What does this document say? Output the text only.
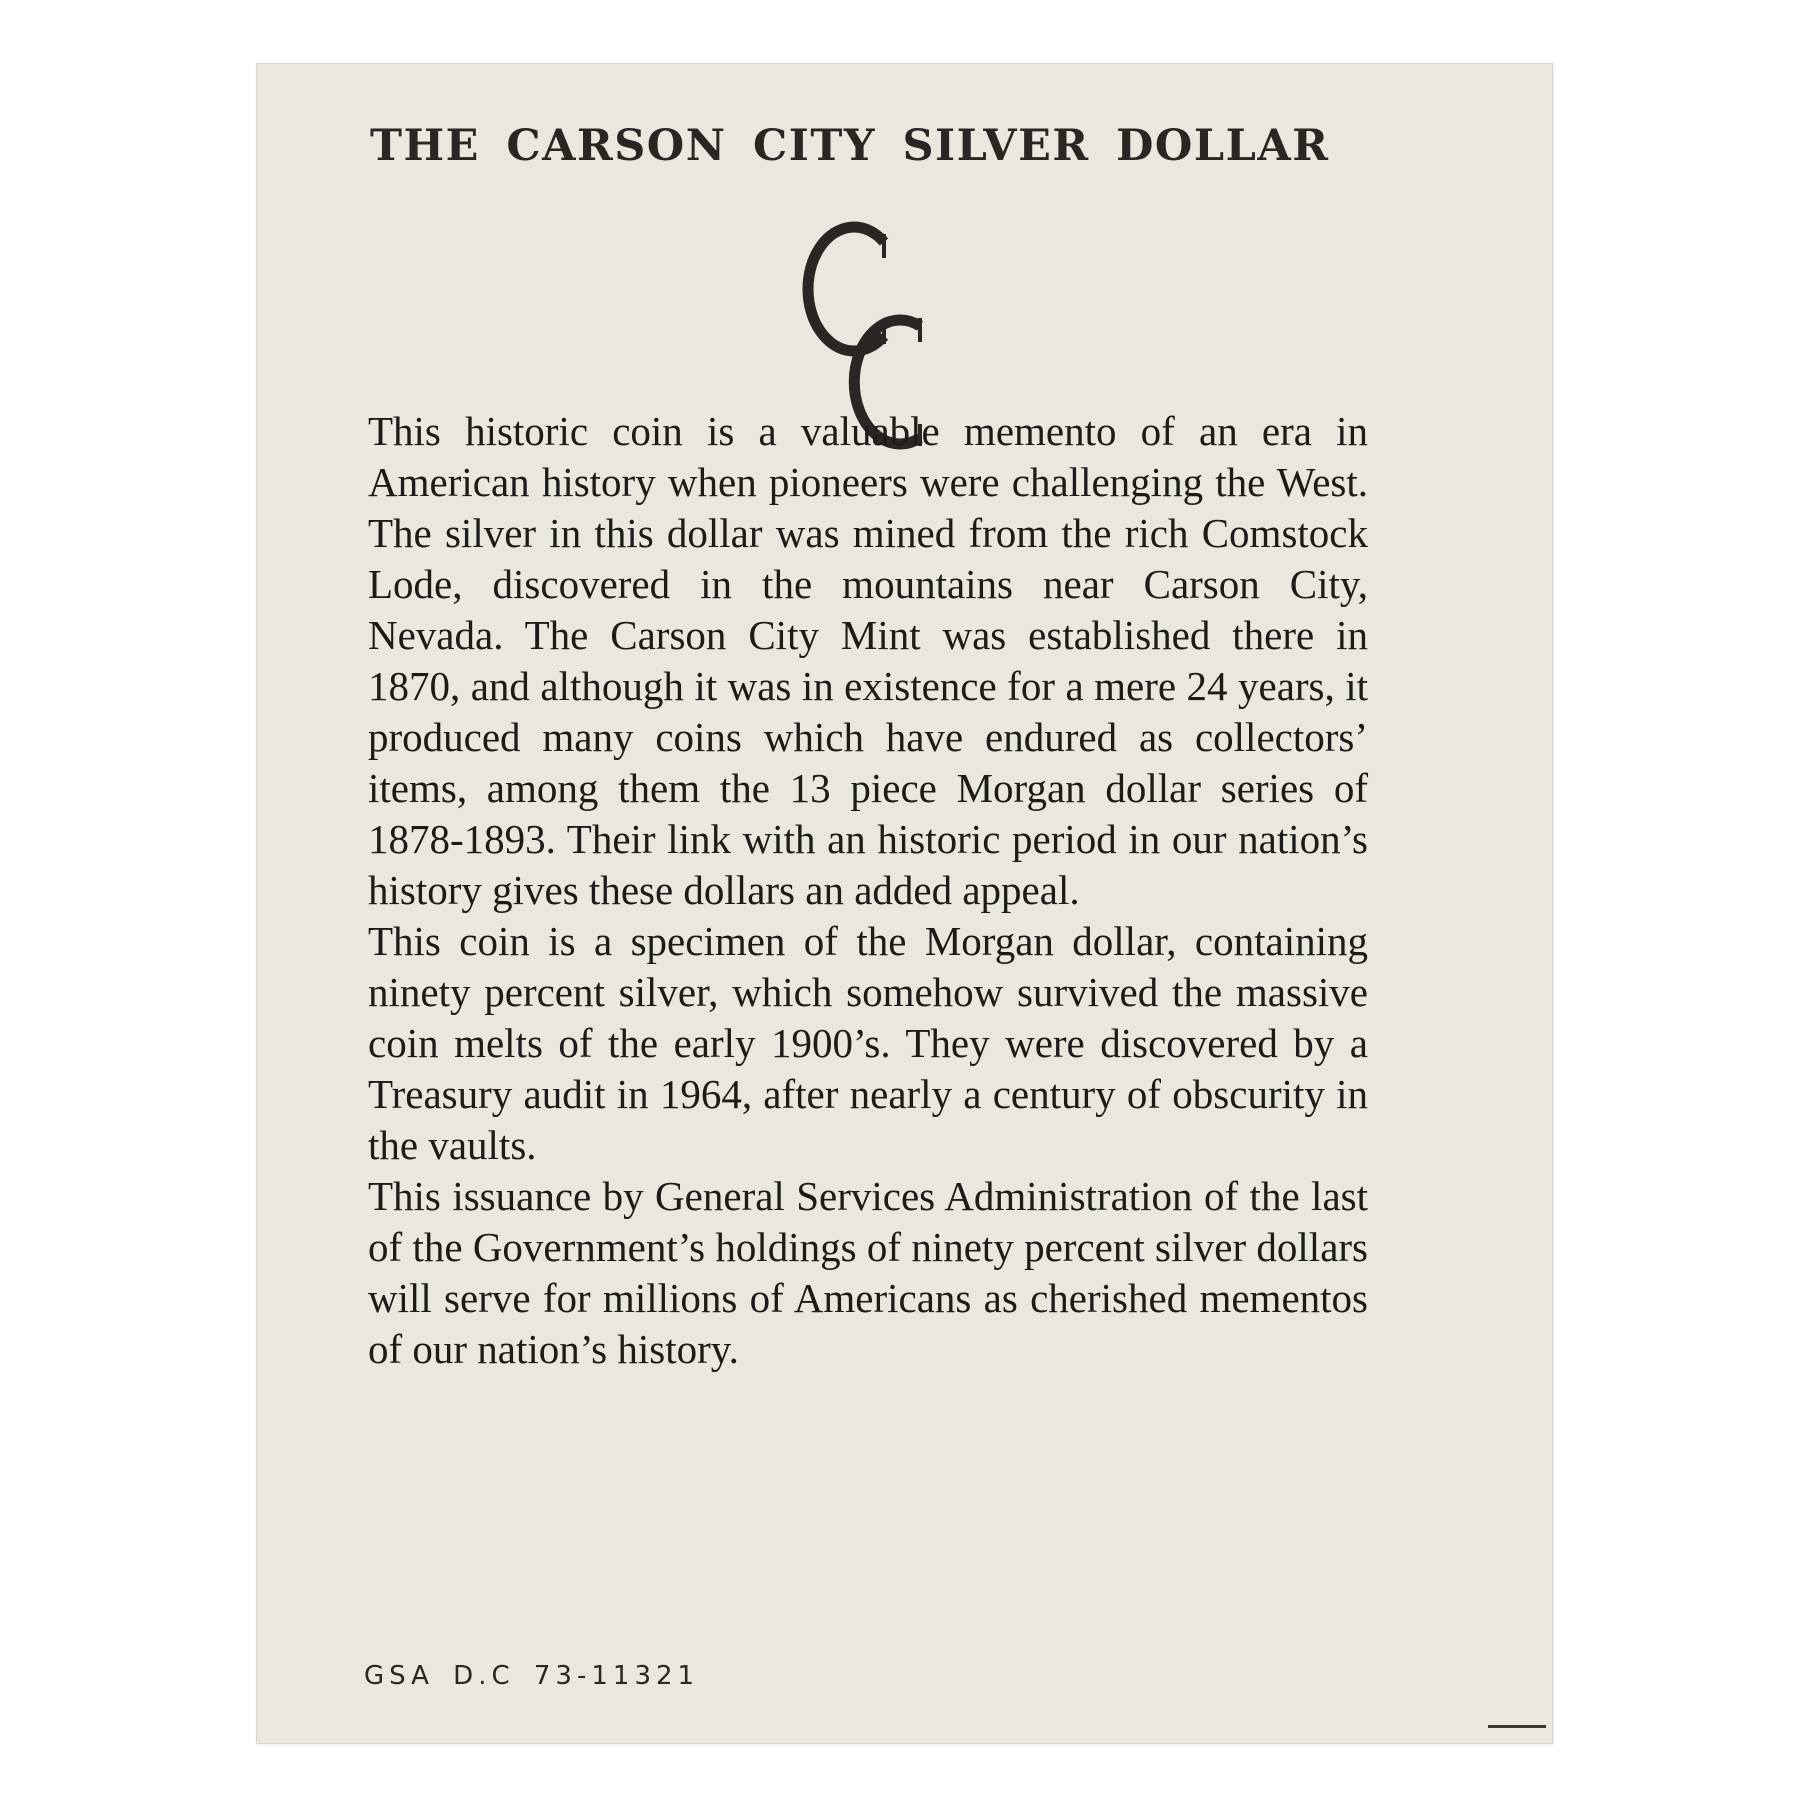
THE CARSON CITY SILVER DOLLAR

This historic coin is a valuable memento of an era in American history when pioneers were challenging the West. The silver in this dollar was mined from the rich Comstock Lode, discovered in the mountains near Carson City, Nevada. The Carson City Mint was established there in 1870, and although it was in existence for a mere 24 years, it produced many coins which have endured as collectors’ items, among them the 13 piece Morgan dollar series of 1878-1893. Their link with an historic period in our nation’s history gives these dollars an added appeal.

This coin is a specimen of the Morgan dollar, containing ninety percent silver, which somehow survived the massive coin melts of the early 1900’s. They were discovered by a Treasury audit in 1964, after nearly a century of obscurity in the vaults.

This issuance by General Services Administration of the last of the Government’s holdings of ninety percent silver dollars will serve for millions of Americans as cherished mementos of our nation’s history.

GSA D.C 73-11321
